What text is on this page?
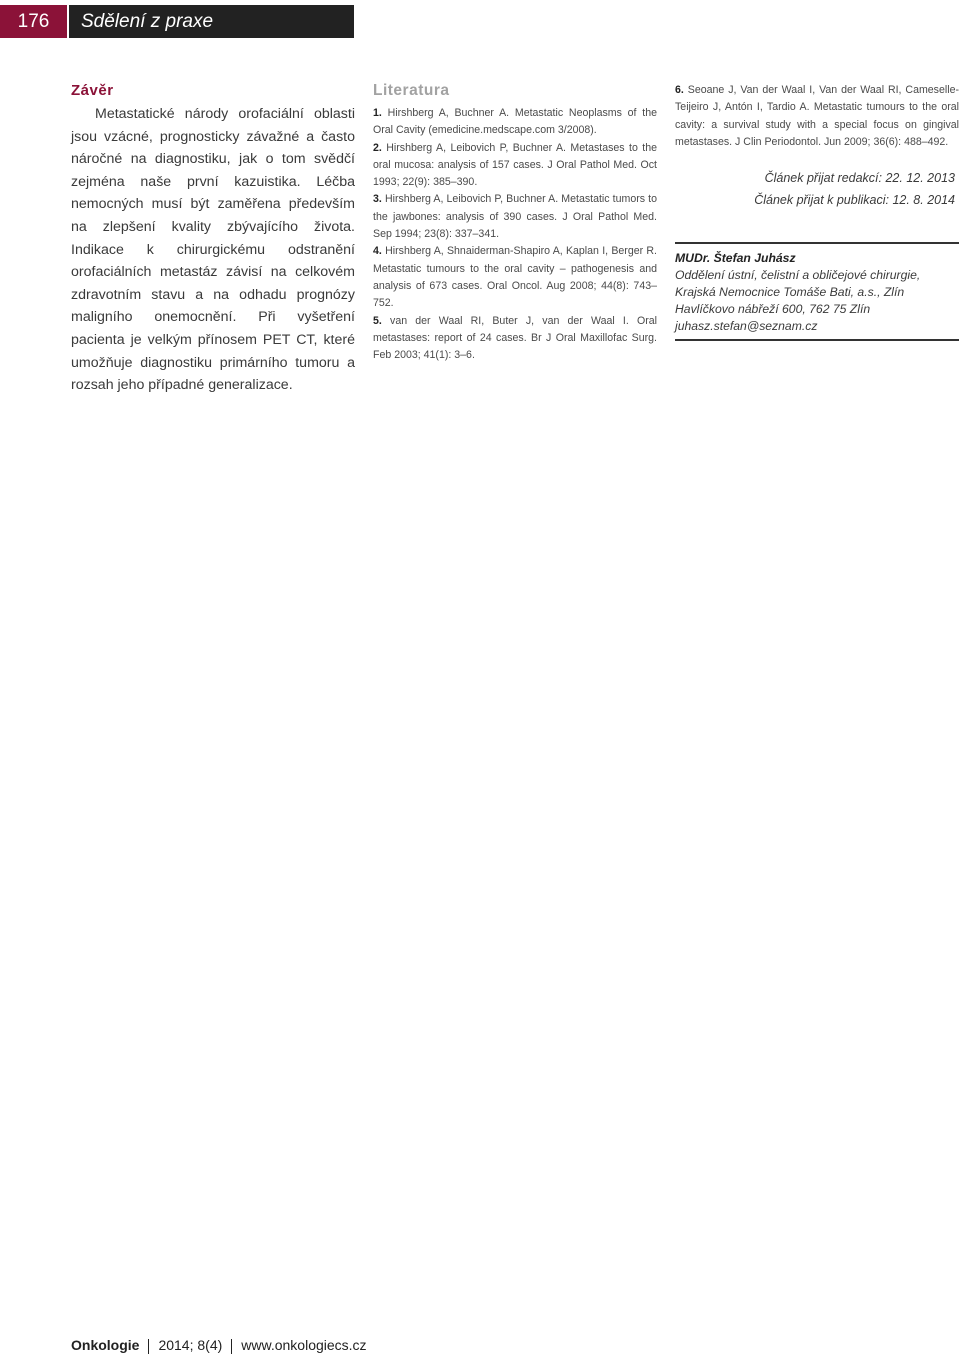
176	Sdělení z praxe
Závěr

Metastatické národy orofaciální oblasti jsou vzácné, prognosticky závažné a často náročné na diagnostiku, jak o tom svědčí zejména naše první kazuistika. Léčba nemocných musí být zaměřena především na zlepšení kvality zbývajícího života. Indikace k chirurgickému odstranění orofaciálních metastáz závisí na celkovém zdravotním stavu a na odhadu prognózy maligního onemocnění. Při vyšetření pacienta je velkým přínosem PET CT, které umožňuje diagnostiku primárního tumoru a rozsah jeho případné generalizace.

Literatura

1. Hirshberg A, Buchner A. Metastatic Neoplasms of the Oral Cavity (emedicine.medscape.com 3/2008).

2. Hirshberg A, Leibovich P, Buchner A. Metastases to the oral mucosa: analysis of 157 cases. J Oral Pathol Med. Oct 1993; 22(9): 385–390.

3. Hirshberg A, Leibovich P, Buchner A. Metastatic tumors to the jawbones: analysis of 390 cases. J Oral Pathol Med. Sep 1994; 23(8): 337–341.

4. Hirshberg A, Shnaiderman-Shapiro A, Kaplan I, Berger R. Metastatic tumours to the oral cavity – pathogenesis and analysis of 673 cases. Oral Oncol. Aug 2008; 44(8): 743–752.

5. van der Waal RI, Buter J, van der Waal I. Oral metastases: report of 24 cases. Br J Oral Maxillofac Surg. Feb 2003; 41(1): 3–6.

6. Seoane J, Van der Waal I, Van der Waal RI, Cameselle-Teijeiro J, Antón I, Tardio A. Metastatic tumours to the oral cavity: a survival study with a special focus on gingival metastases. J Clin Periodontol. Jun 2009; 36(6): 488–492.

Článek přijat redakcí: 22. 12. 2013
Článek přijat k publikaci: 12. 8. 2014
MUDr. Štefan Juhász
Oddělení ústní, čelistní a obličejové chirurgie,
Krajská Nemocnice Tomáše Bati, a.s., Zlín
Havlíčkovo nábřeží 600, 762 75 Zlín
juhasz.stefan@seznam.cz
Onkologie 2014; 8(4) www.onkologiecs.cz
